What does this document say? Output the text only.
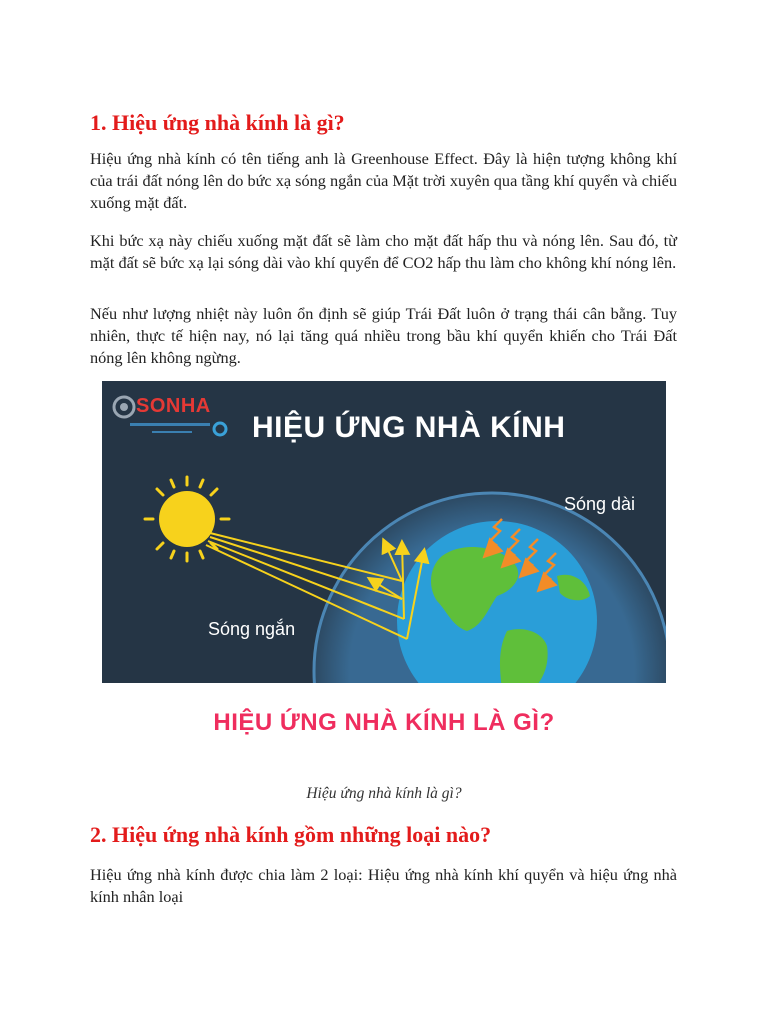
1. Hiệu ứng nhà kính là gì?

Hiệu ứng nhà kính có tên tiếng anh là Greenhouse Effect. Đây là hiện tượng không khí của trái đất nóng lên do bức xạ sóng ngắn của Mặt trời xuyên qua tầng khí quyển và chiếu xuống mặt đất.

Khi bức xạ này chiếu xuống mặt đất sẽ làm cho mặt đất hấp thu và nóng lên. Sau đó, từ mặt đất sẽ bức xạ lại sóng dài vào khí quyển để CO2 hấp thu làm cho không khí nóng lên.

Nếu như lượng nhiệt này luôn ổn định sẽ giúp Trái Đất luôn ở trạng thái cân bằng. Tuy nhiên, thực tế hiện nay, nó lại tăng quá nhiều trong bầu khí quyển khiến cho Trái Đất nóng lên không ngừng.

SONHA
HIỆU ỨNG NHÀ KÍNH
Sóng dài
Sóng ngắn
HIỆU ỨNG NHÀ KÍNH LÀ GÌ?
Hiệu ứng nhà kính là gì?
2. Hiệu ứng nhà kính gồm những loại nào?

Hiệu ứng nhà kính được chia làm 2 loại: Hiệu ứng nhà kính khí quyển và hiệu ứng nhà kính nhân loại
